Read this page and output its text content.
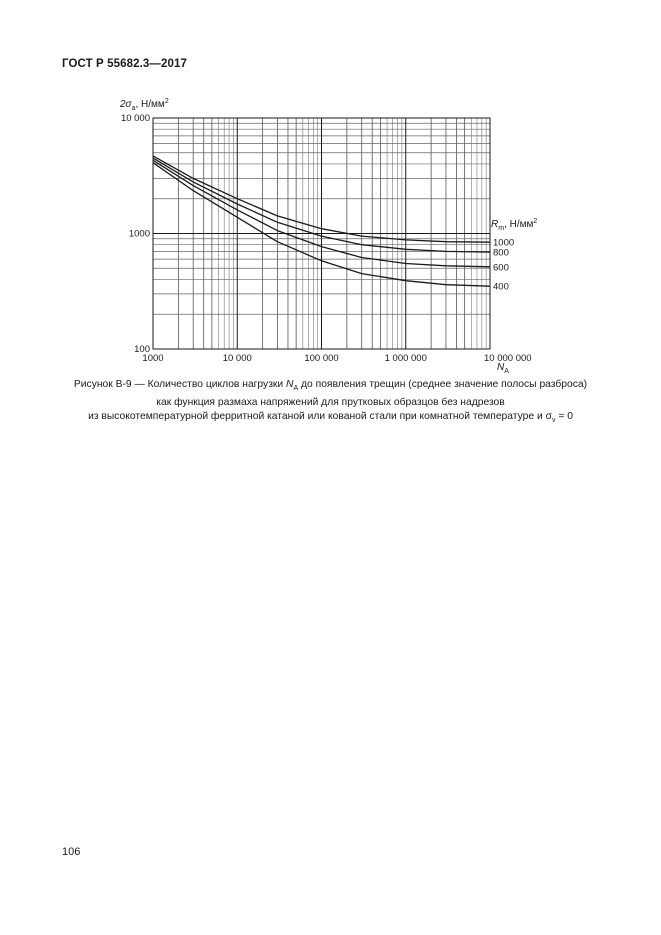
ГОСТ Р 55682.3—2017
1000
800
600
400
1000	10 000	100 000	1 000 000	10 000 000
100
1000
10 000
$2\sigma_a$, $Н/мм^2$
$N_A$
$R_m$, $Н/мм^2$
Рисунок В-9 — Количество циклов нагрузки $N_A$ до появления трещин (среднее значение полосы разброса)
как функция размаха напряжений для прутковых образцов без надрезов
из высокотемпературной ферритной катаной или кованой стали при комнатной температуре и $\sigma_v = 0$
106
